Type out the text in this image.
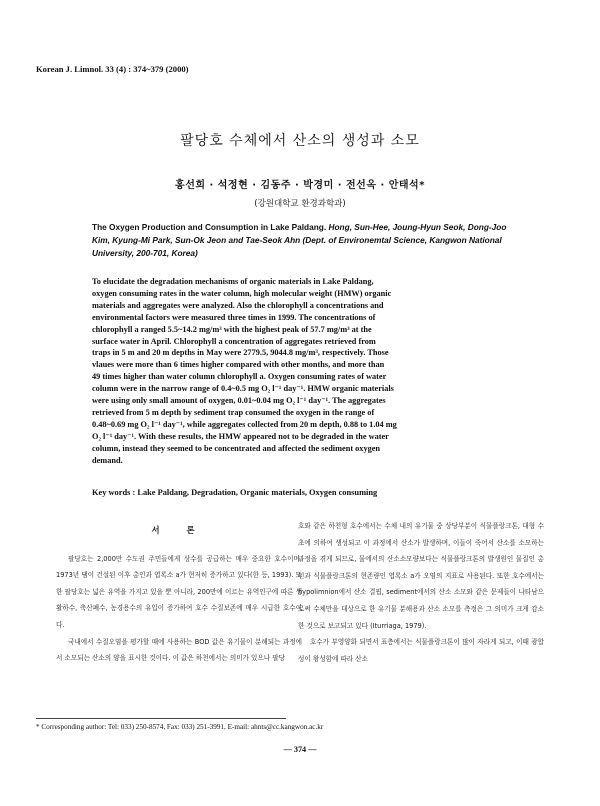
Korean J. Limnol. 33 (4) : 374~379 (2000)
팔당호 수체에서 산소의 생성과 소모
홍선희 · 석정현 · 김동주 · 박경미 · 전선옥 · 안태석*
(강원대학교 환경과학과)
The Oxygen Production and Consumption in Lake Paldang. Hong, Sun-Hee, Joung-Hyun Seok, Dong-Joo Kim, Kyung-Mi Park, Sun-Ok Jeon and Tae-Seok Ahn (Dept. of Environemtal Science, Kangwon National University, 200-701, Korea)
To elucidate the degradation mechanisms of organic materials in Lake Paldang,
oxygen consuming rates in the water column, high molecular weight (HMW) organic
materials and aggregates were analyzed. Also the chlorophyll a concentrations and
environmental factors were measured three times in 1999. The concentrations of
chlorophyll a ranged 5.5~14.2 mg/m³ with the highest peak of 57.7 mg/m³ at the
surface water in April. Chlorophyll a concentration of aggregates retrieved from
traps in 5 m and 20 m depths in May were 2779.5, 9044.8 mg/m³, respectively. Those
vlaues were more than 6 times higher compared with other months, and more than
49 times higher than water column chlorophyll a. Oxygen consuming rates of water
column were in the narrow range of 0.4~0.5 mg O₂ l⁻¹ day⁻¹. HMW organic materials
were using only small amount of oxygen, 0.01~0.04 mg O₂ l⁻¹ day⁻¹. The aggregates
retrieved from 5 m depth by sediment trap consumed the oxygen in the range of
0.48~0.69 mg O₂ l⁻¹ day⁻¹, while aggregates collected from 20 m depth, 0.88 to 1.04 mg
O₂ l⁻¹ day⁻¹. With these results, the HMW appeared not to be degraded in the water
column, instead they seemed to be concentrated and affected the sediment oxygen
demand.
Key words : Lake Paldang, Degradation, Organic materials, Oxygen consuming
서 론

팔당호는 2,000만 수도권 주민들에게 상수를 공급하는 매우 중요한 호수이며, 1973년 댐이 건설된 이후 총인과 엽록소 a가 현저히 증가하고 있다(한 등, 1993). 또한 팔당호는 넓은 유역을 가지고 있을 뿐 아니라, 200만에 이르는 유역인구에 따른 생활하수, 축산폐수, 농경용수의 유입이 증가하여 호수 수질보존에 매우 시급한 호수이다.

국내에서 수질오염을 평가할 때에 사용하는 BOD 값은 유기물이 분해되는 과정에서 소모되는 산소의 양을 표시한 것이다. 이 값은 하천에서는 의미가 있으나 팔당

호와 같은 하천형 호수에서는 수체 내의 유기물 중 상당부분이 식물플랑크톤, 대형 수초에 의하여 생성되고 이 과정에서 산소가 발생하며, 이들이 죽어서 산소를 소모하는 과정을 겪게 되므로, 물에서의 산소소모량보다는 식물플랑크톤의 발생원인 물질인 총인과 식물플랑크톤의 현존량인 엽록소 a가 오염의 지표로 사용된다. 또한 호수에서는 hypolimnion에서 산소 결핍, sediment에서의 산소 소모와 같은 문제들이 나타남으로써 수체만을 대상으로 한 유기물 분해용과 산소 소모를 측정은 그 의미가 크게 감소한 것으로 보고되고 있다 (Iturriaga, 1979).

호수가 부영양화 되면서 표층에서는 식물플랑크톤이 많이 자라게 되고, 이때 광합성이 왕성함에 따라 산소

* Corresponding author: Tel: 033) 250-8574, Fax: 033) 251-3991, E-mail: ahnts@cc.kangwon.ac.kr
— 374 —
